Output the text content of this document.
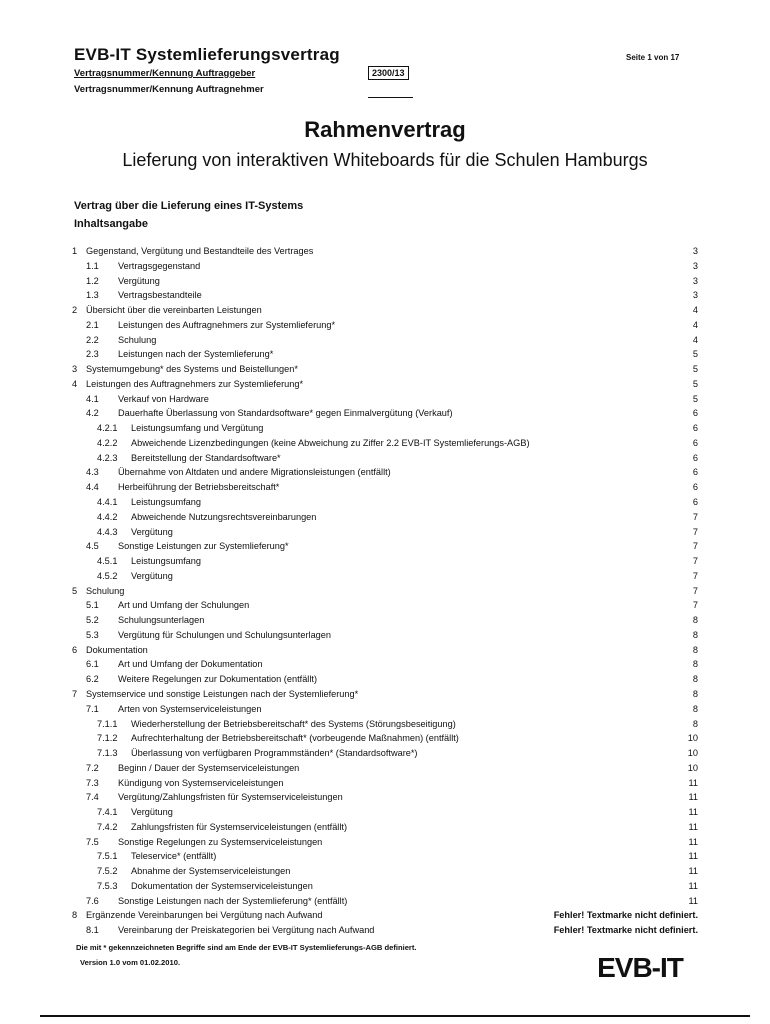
EVB-IT Systemlieferungsvertrag	Seite 1 von 17
Vertragsnummer/Kennung Auftraggeber	2300/13
Vertragsnummer/Kennung Auftragnehmer
Rahmenvertrag
Lieferung von interaktiven Whiteboards für die Schulen Hamburgs
Vertrag über die Lieferung eines IT-Systems
Inhaltsangabe
1 Gegenstand, Vergütung und Bestandteile des Vertrages	3
1.1 Vertragsgegenstand	3
1.2 Vergütung	3
1.3 Vertragsbestandteile	3
2 Übersicht über die vereinbarten Leistungen	4
2.1 Leistungen des Auftragnehmers zur Systemlieferung*	4
2.2 Schulung	4
2.3 Leistungen nach der Systemlieferung*	5
3 Systemumgebung* des Systems und Beistellungen*	5
4 Leistungen des Auftragnehmers zur Systemlieferung*	5
4.1 Verkauf von Hardware	5
4.2 Dauerhafte Überlassung von Standardsoftware* gegen Einmalvergütung (Verkauf)	6
4.2.1 Leistungsumfang und Vergütung	6
4.2.2 Abweichende Lizenzbedingungen (keine Abweichung zu Ziffer 2.2 EVB-IT Systemlieferungs-AGB)	6
4.2.3 Bereitstellung der Standardsoftware*	6
4.3 Übernahme von Altdaten und andere Migrationsleistungen (entfällt)	6
4.4 Herbeiführung der Betriebsbereitschaft*	6
4.4.1 Leistungsumfang	6
4.4.2 Abweichende Nutzungsrechtsvereinbarungen	7
4.4.3 Vergütung	7
4.5 Sonstige Leistungen zur Systemlieferung*	7
4.5.1 Leistungsumfang	7
4.5.2 Vergütung	7
5 Schulung	7
5.1 Art und Umfang der Schulungen	7
5.2 Schulungsunterlagen	8
5.3 Vergütung für Schulungen und Schulungsunterlagen	8
6 Dokumentation	8
6.1 Art und Umfang der Dokumentation	8
6.2 Weitere Regelungen zur Dokumentation (entfällt)	8
7 Systemservice und sonstige Leistungen nach der Systemlieferung*	8
7.1 Arten von Systemserviceleistungen	8
7.1.1 Wiederherstellung der Betriebsbereitschaft* des Systems (Störungsbeseitigung)	8
7.1.2 Aufrechterhaltung der Betriebsbereitschaft* (vorbeugende Maßnahmen) (entfällt)	10
7.1.3 Überlassung von verfügbaren Programmständen* (Standardsoftware*)	10
7.2 Beginn / Dauer der Systemserviceleistungen	10
7.3 Kündigung von Systemserviceleistungen	11
7.4 Vergütung/Zahlungsfristen für Systemserviceleistungen	11
7.4.1 Vergütung	11
7.4.2 Zahlungsfristen für Systemserviceleistungen (entfällt)	11
7.5 Sonstige Regelungen zu Systemserviceleistungen	11
7.5.1 Teleservice* (entfällt)	11
7.5.2 Abnahme der Systemserviceleistungen	11
7.5.3 Dokumentation der Systemserviceleistungen	11
7.6 Sonstige Leistungen nach der Systemlieferung* (entfällt)	11
8 Ergänzende Vereinbarungen bei Vergütung nach Aufwand	Fehler! Textmarke nicht definiert.
8.1 Vereinbarung der Preiskategorien bei Vergütung nach Aufwand	Fehler! Textmarke nicht definiert.
Die mit * gekennzeichneten Begriffe sind am Ende der EVB-IT Systemlieferungs-AGB definiert.
Version 1.0 vom 01.02.2010.	EVB-IT
